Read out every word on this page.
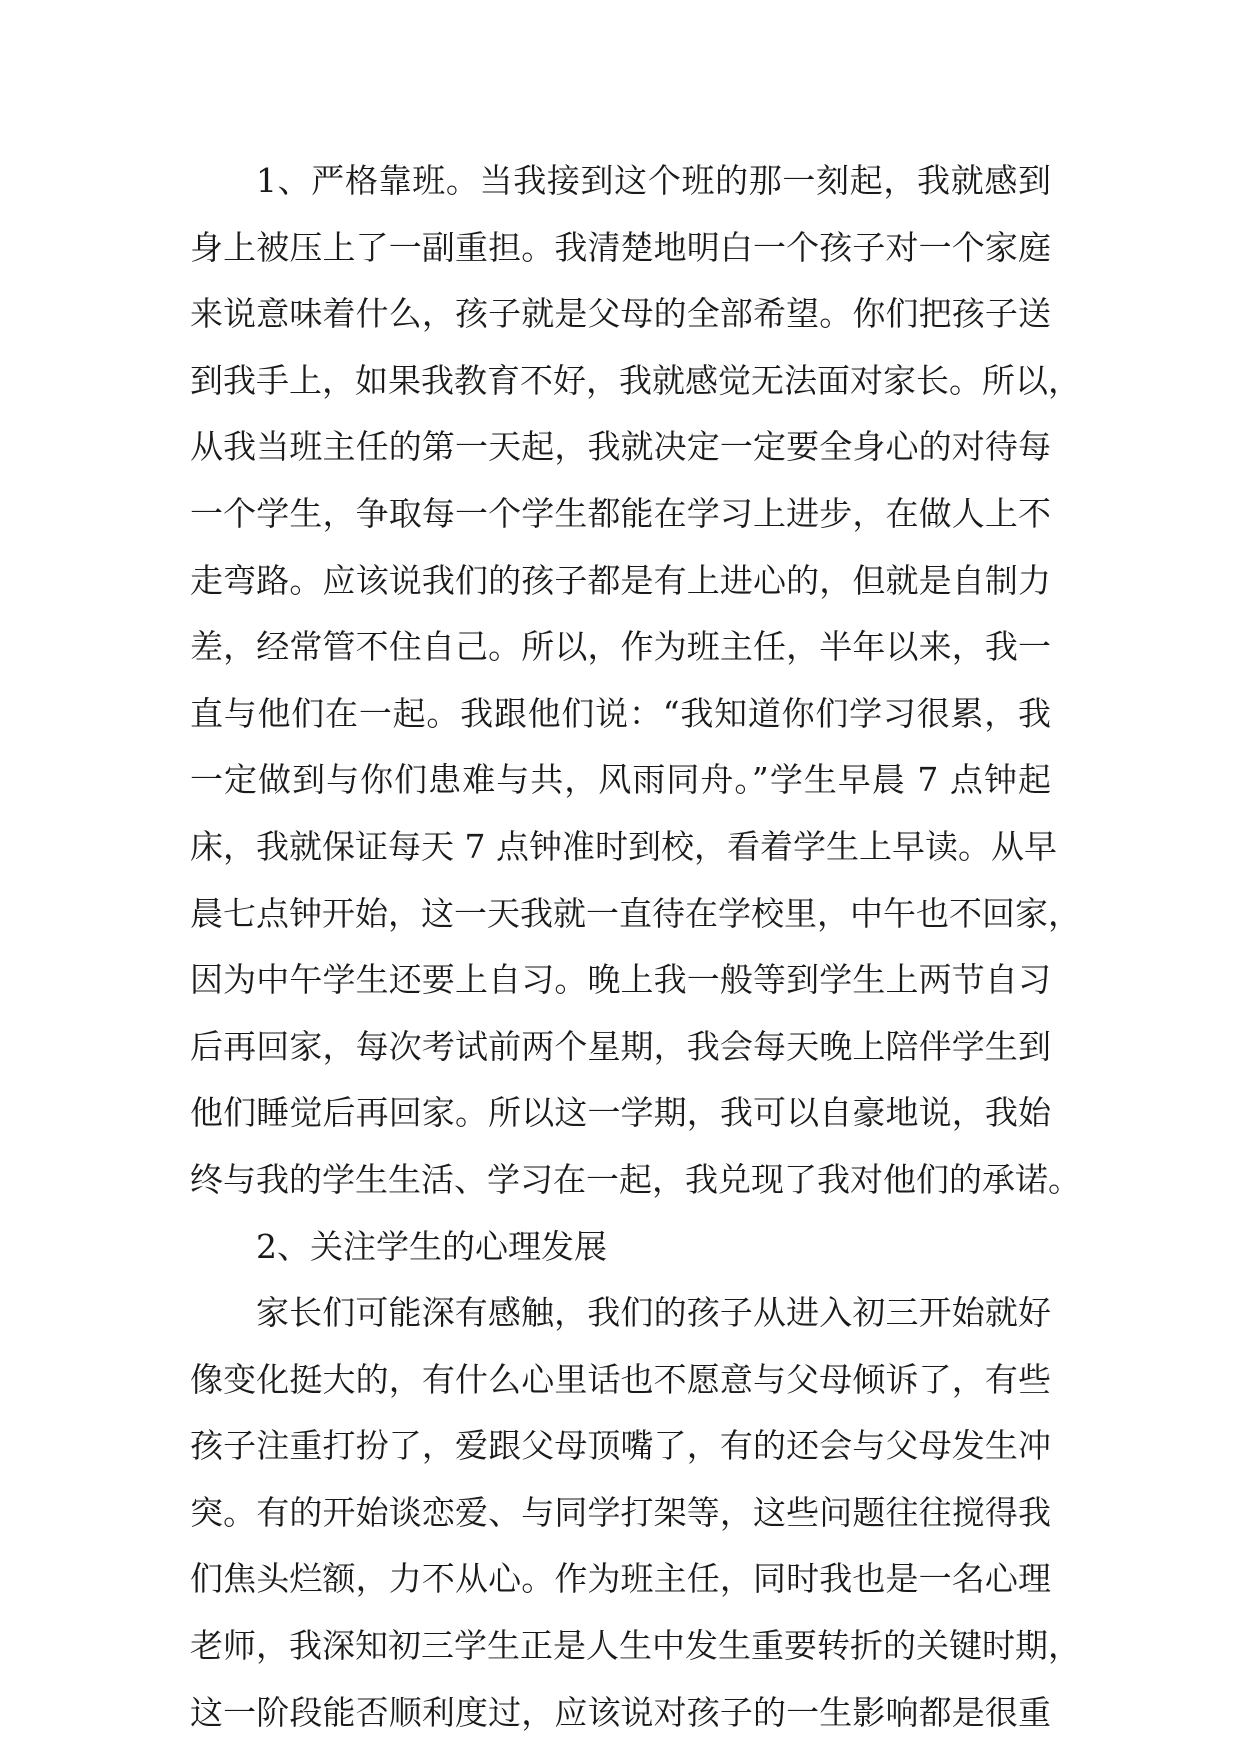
1、严格靠班。当我接到这个班的那一刻起，我就感到
身上被压上了一副重担。我清楚地明白一个孩子对一个家庭
来说意味着什么，孩子就是父母的全部希望。你们把孩子送
到我手上，如果我教育不好，我就感觉无法面对家长。所以，
从我当班主任的第一天起，我就决定一定要全身心的对待每
一个学生，争取每一个学生都能在学习上进步，在做人上不
走弯路。应该说我们的孩子都是有上进心的，但就是自制力
差，经常管不住自己。所以，作为班主任，半年以来，我一
直与他们在一起。我跟他们说：“我知道你们学习很累，我
一定做到与你们患难与共，风雨同舟。”学生早晨 7 点钟起
床，我就保证每天 7 点钟准时到校，看着学生上早读。从早
晨七点钟开始，这一天我就一直待在学校里，中午也不回家，
因为中午学生还要上自习。晚上我一般等到学生上两节自习
后再回家，每次考试前两个星期，我会每天晚上陪伴学生到
他们睡觉后再回家。所以这一学期，我可以自豪地说，我始
终与我的学生生活、学习在一起，我兑现了我对他们的承诺。
2、关注学生的心理发展
家长们可能深有感触，我们的孩子从进入初三开始就好
像变化挺大的，有什么心里话也不愿意与父母倾诉了，有些
孩子注重打扮了，爱跟父母顶嘴了，有的还会与父母发生冲
突。有的开始谈恋爱、与同学打架等，这些问题往往搅得我
们焦头烂额，力不从心。作为班主任，同时我也是一名心理
老师，我深知初三学生正是人生中发生重要转折的关键时期，
这一阶段能否顺利度过，应该说对孩子的一生影响都是很重
